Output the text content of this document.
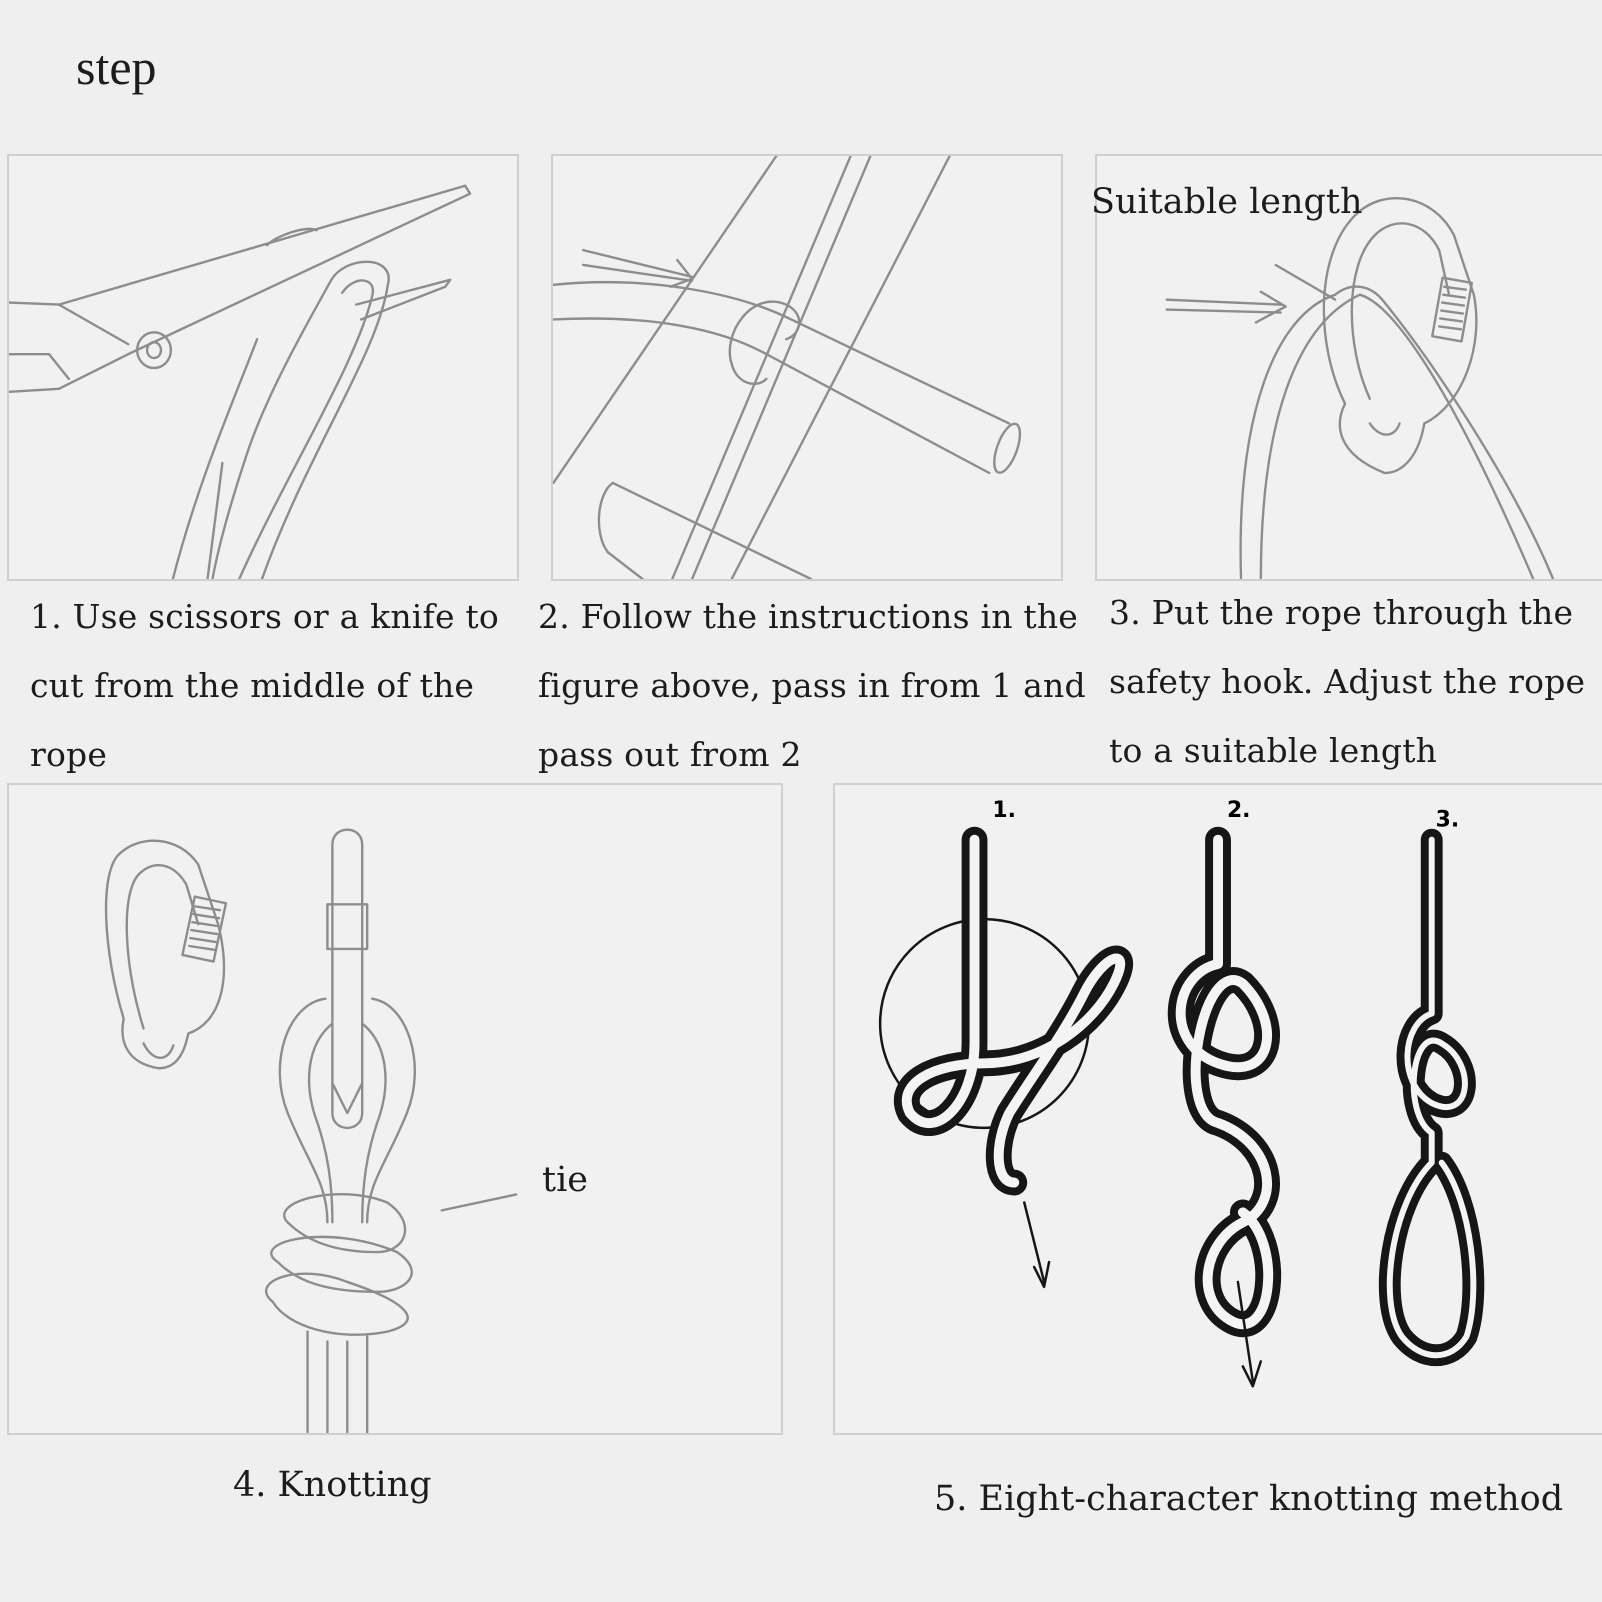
step
tie
1.	2.	3.
Suitable length
1. Use scissors or a knife to
cut from the middle of the
rope
2. Follow the instructions in the
figure above, pass in from 1 and
pass out from 2
3. Put the rope through the
safety hook. Adjust the rope
to a suitable length
4. Knotting	5. Eight-character knotting method
